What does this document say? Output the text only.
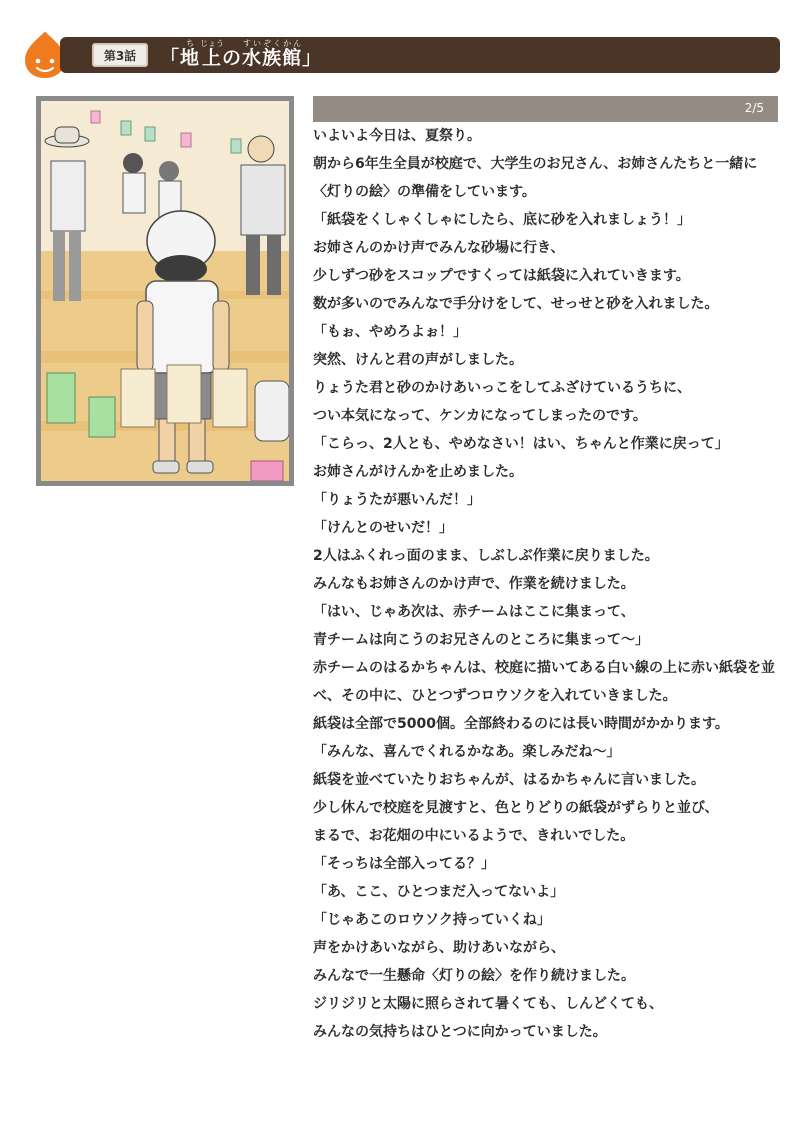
第3話	「 地ち上じょうの水すい族ぞく館かん
」
2/5

いよいよ今日は、夏祭り。

朝から6年生全員が校庭で、大学生のお兄さん、お姉さんたちと一緒に

〈灯りの絵〉の準備をしています。

「紙袋をくしゃくしゃにしたら、底に砂を入れましょう！」

お姉さんのかけ声でみんな砂場に行き、

少しずつ砂をスコップですくっては紙袋に入れていきます。

数が多いのでみんなで手分けをして、せっせと砂を入れました。

「もぉ、やめろよぉ！」

突然、けんと君の声がしました。

りょうた君と砂のかけあいっこをしてふざけているうちに、

つい本気になって、ケンカになってしまったのです。

「こらっ、2人とも、やめなさい！はい、ちゃんと作業に戻って」

お姉さんがけんかを止めました。

「りょうたが悪いんだ！」

「けんとのせいだ！」

2人はふくれっ面のまま、しぶしぶ作業に戻りました。

みんなもお姉さんのかけ声で、作業を続けました。

「はい、じゃあ次は、赤チームはここに集まって、

青チームは向こうのお兄さんのところに集まって〜」

赤チームのはるかちゃんは、校庭に描いてある白い線の上に赤い紙袋を並べ、その中に、ひとつずつロウソクを入れていきました。

紙袋は全部で5000個。全部終わるのには長い時間がかかります。

「みんな、喜んでくれるかなあ。楽しみだね〜」

紙袋を並べていたりおちゃんが、はるかちゃんに言いました。

少し休んで校庭を見渡すと、色とりどりの紙袋がずらりと並び、

まるで、お花畑の中にいるようで、きれいでした。

「そっちは全部入ってる？」

「あ、ここ、ひとつまだ入ってないよ」

「じゃあこのロウソク持っていくね」

声をかけあいながら、助けあいながら、

みんなで一生懸命〈灯りの絵〉を作り続けました。

ジリジリと太陽に照らされて暑くても、しんどくても、

みんなの気持ちはひとつに向かっていました。
